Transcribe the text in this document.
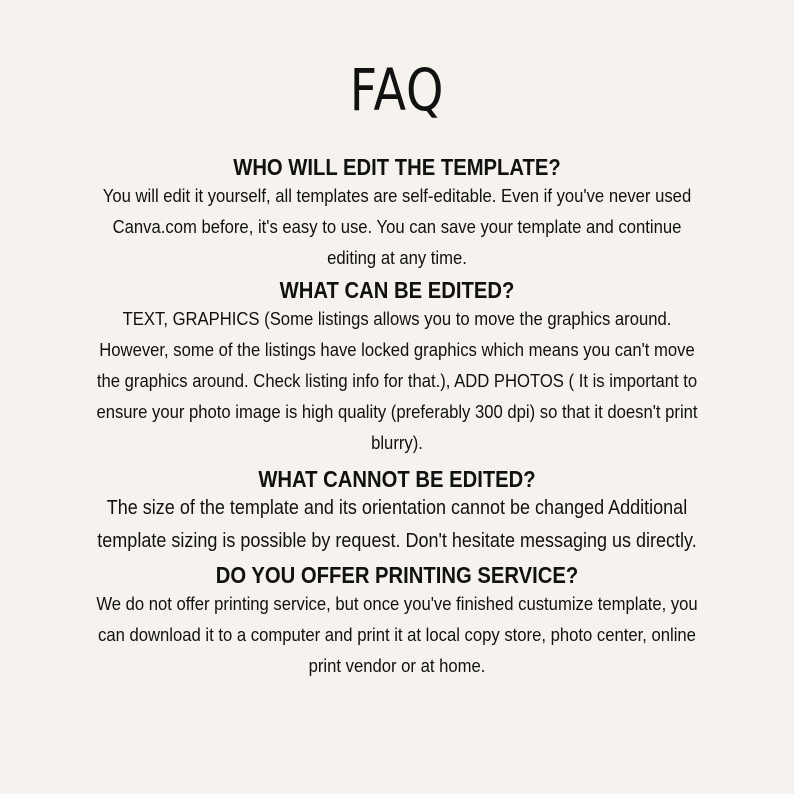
FAQ
WHO WILL EDIT THE TEMPLATE?

You will edit it yourself, all templates are self-editable. Even if you've never used Canva.com before, it's easy to use. You can save your template and continue editing at any time.

WHAT CAN BE EDITED?

TEXT, GRAPHICS (Some listings allows you to move the graphics around. However, some of the listings have locked graphics which means you can't move the graphics around. Check listing info for that.), ADD PHOTOS ( It is important to ensure your photo image is high quality (preferably 300 dpi) so that it doesn't print blurry).

WHAT CANNOT BE EDITED?

The size of the template and its orientation cannot be changed Additional template sizing is possible by request. Don't hesitate messaging us directly.

DO YOU OFFER PRINTING SERVICE?

We do not offer printing service, but once you've finished custumize template, you can download it to a computer and print it at local copy store, photo center, online print vendor or at home.
